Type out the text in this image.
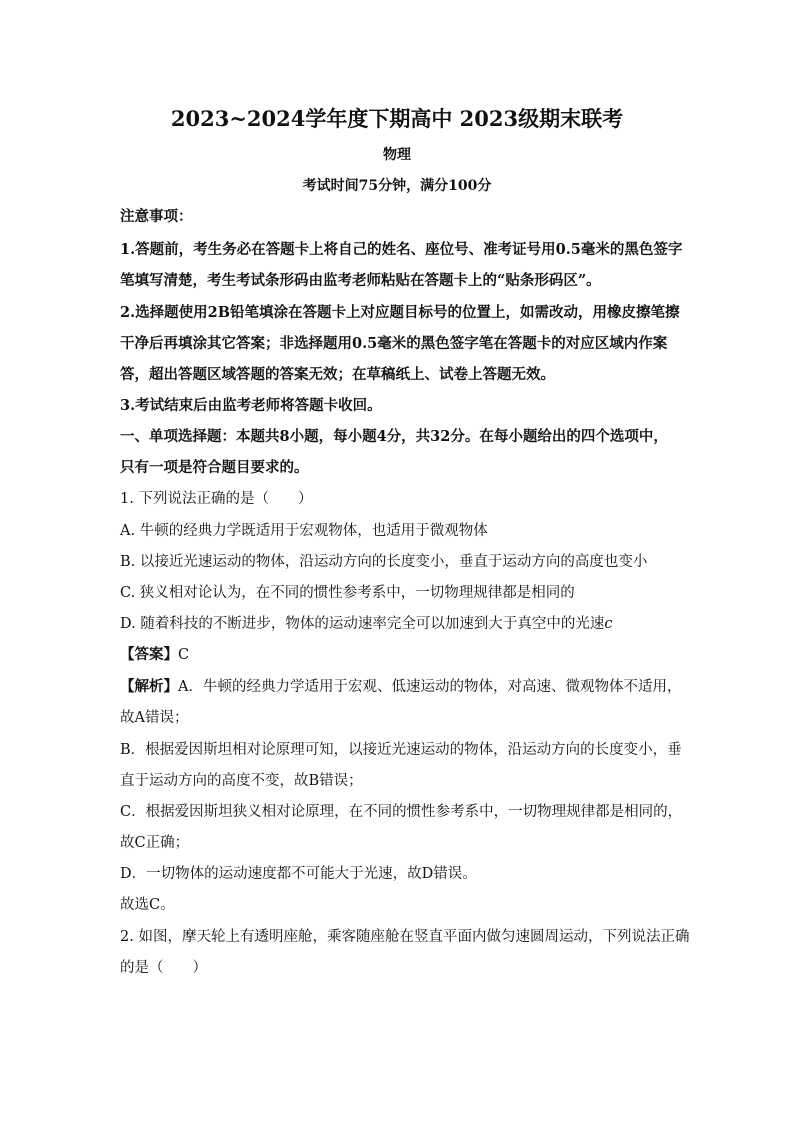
2023~2024学年度下期高中 2023级期末联考
物理
考试时间75分钟，满分100分
注意事项：
1.答题前，考生务必在答题卡上将自己的姓名、座位号、准考证号用0.5毫米的黑色签字
笔填写清楚，考生考试条形码由监考老师粘贴在答题卡上的“贴条形码区”。
2.选择题使用2B铅笔填涂在答题卡上对应题目标号的位置上，如需改动，用橡皮擦笔擦
干净后再填涂其它答案；非选择题用0.5毫米的黑色签字笔在答题卡的对应区域内作案
答，超出答题区域答题的答案无效；在草稿纸上、试卷上答题无效。
3.考试结束后由监考老师将答题卡收回。
一、单项选择题：本题共8小题，每小题4分，共32分。在每小题给出的四个选项中，
只有一项是符合题目要求的。
1. 下列说法正确的是（　　）
A. 牛顿的经典力学既适用于宏观物体，也适用于微观物体
B. 以接近光速运动的物体，沿运动方向的长度变小，垂直于运动方向的高度也变小
C. 狭义相对论认为，在不同的惯性参考系中，一切物理规律都是相同的
D. 随着科技的不断进步，物体的运动速率完全可以加速到大于真空中的光速c
【答案】C
【解析】A．牛顿的经典力学适用于宏观、低速运动的物体，对高速、微观物体不适用，
故A错误；
B．根据爱因斯坦相对论原理可知，以接近光速运动的物体，沿运动方向的长度变小，垂
直于运动方向的高度不变，故B错误；
C．根据爱因斯坦狭义相对论原理，在不同的惯性参考系中，一切物理规律都是相同的，
故C正确；
D．一切物体的运动速度都不可能大于光速，故D错误。
故选C。
2. 如图，摩天轮上有透明座舱，乘客随座舱在竖直平面内做匀速圆周运动，下列说法正确
的是（　　）
